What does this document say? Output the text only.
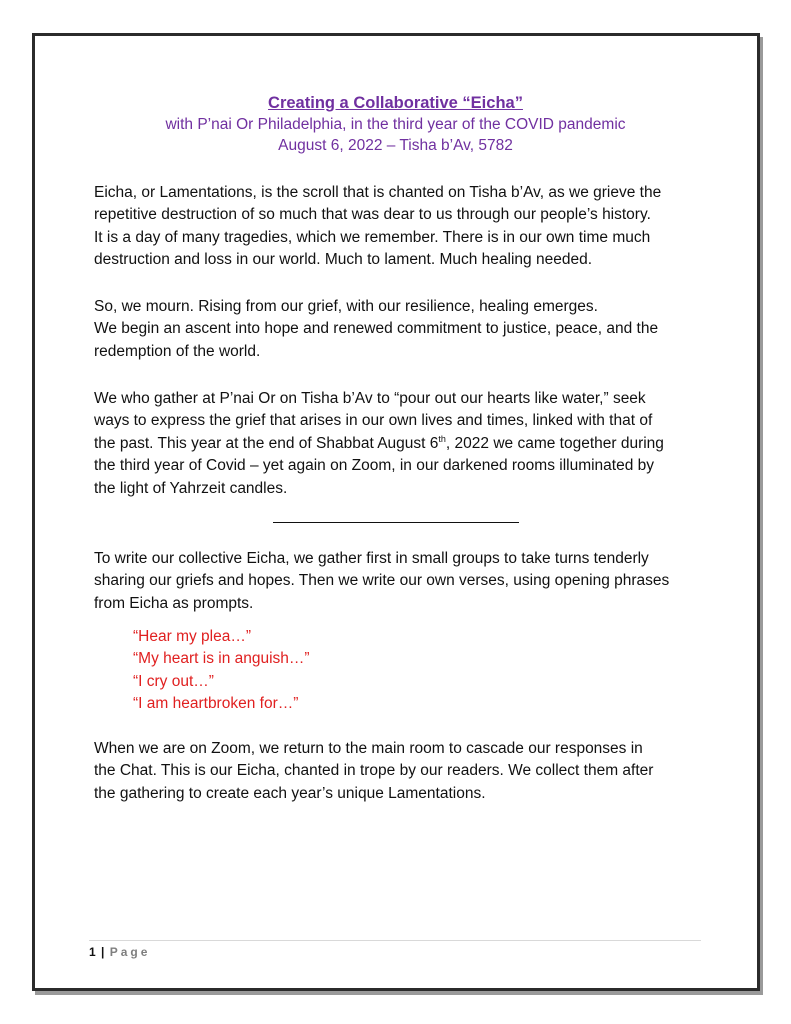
Creating a Collaborative “Eicha”

with P’nai Or Philadelphia, in the third year of the COVID pandemic

August 6, 2022 – Tisha b’Av, 5782

Eicha, or Lamentations, is the scroll that is chanted on Tisha b’Av, as we grieve the
repetitive destruction of so much that was dear to us through our people’s history.
It is a day of many tragedies, which we remember. There is in our own time much
destruction and loss in our world. Much to lament. Much healing needed.

So, we mourn. Rising from our grief, with our resilience, healing emerges.
We begin an ascent into hope and renewed commitment to justice, peace, and the
redemption of the world.

We who gather at P’nai Or on Tisha b’Av to “pour out our hearts like water,” seek
ways to express the grief that arises in our own lives and times, linked with that of
the past. This year at the end of Shabbat August 6th, 2022 we came together during
the third year of Covid – yet again on Zoom, in our darkened rooms illuminated by
the light of Yahrzeit candles.

To write our collective Eicha, we gather first in small groups to take turns tenderly
sharing our griefs and hopes. Then we write our own verses, using opening phrases
from Eicha as prompts.

“Hear my plea…”
“My heart is in anguish…”
“I cry out…”
“I am heartbroken for…”

When we are on Zoom, we return to the main room to cascade our responses in
the Chat. This is our Eicha, chanted in trope by our readers. We collect them after
the gathering to create each year’s unique Lamentations.

1 | Page
